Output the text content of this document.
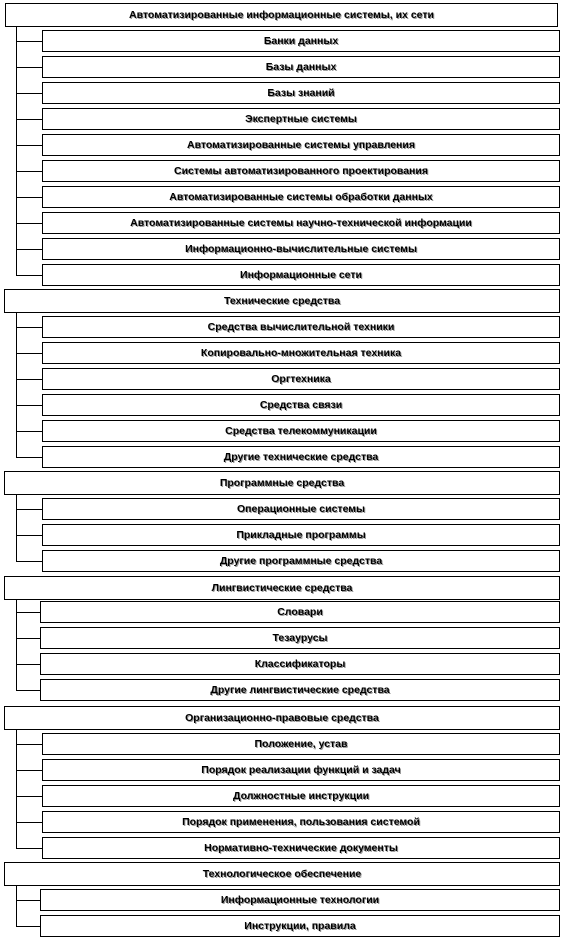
Автоматизированные информационные системы, их сети
Банки данных
Базы данных
Базы знаний
Экспертные системы
Автоматизированные системы управления
Системы автоматизированного проектирования
Автоматизированные системы обработки данных
Автоматизированные системы научно-технической информации
Информационно-вычислительные системы
Информационные сети
Технические средства
Средства вычислительной техники
Копировально-множительная техника
Оргтехника
Средства связи
Средства телекоммуникации
Другие технические средства
Программные средства
Операционные системы
Прикладные программы
Другие программные средства
Лингвистические средства
Словари
Тезаурусы
Классификаторы
Другие лингвистические средства
Организационно-правовые средства
Положение, устав
Порядок реализации функций и задач
Должностные инструкции
Порядок применения, пользования системой
Нормативно-технические документы
Технологическое обеспечение
Информационные технологии
Инструкции, правила
